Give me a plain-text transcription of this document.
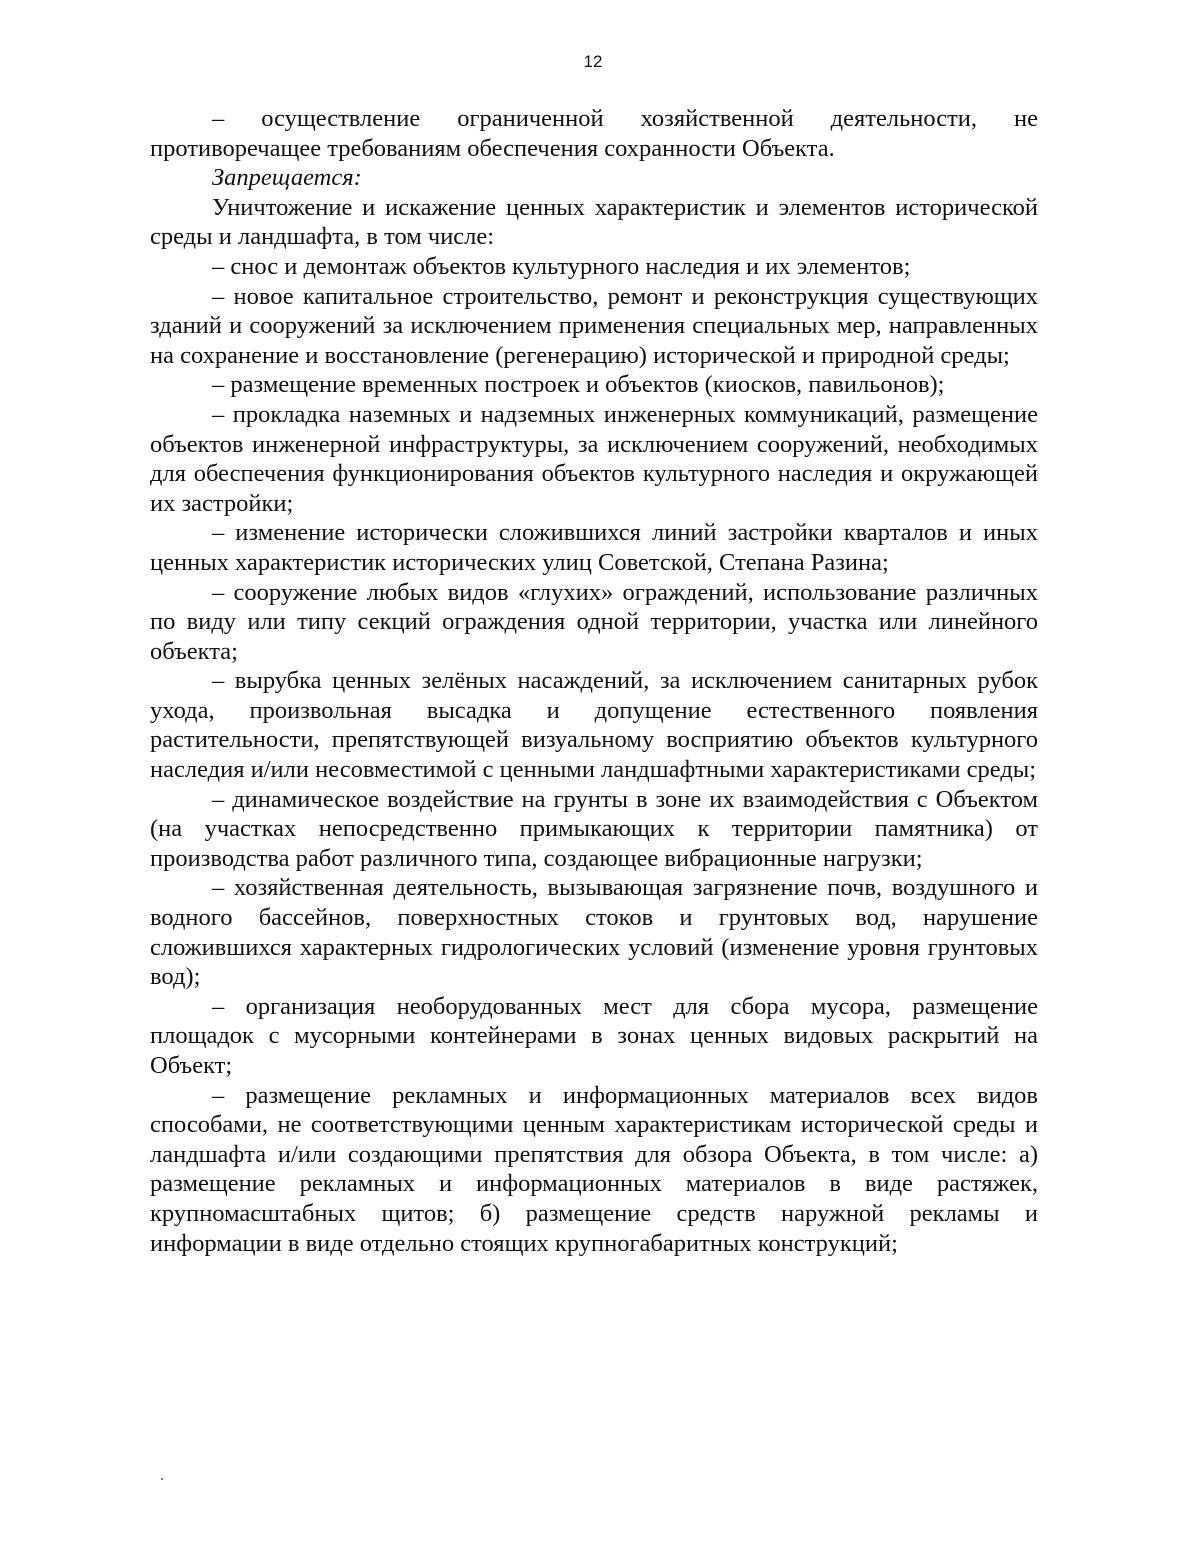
12

– осуществление ограниченной хозяйственной деятельности, не противоречащее требованиям обеспечения сохранности Объекта.

Запрещается:

Уничтожение и искажение ценных характеристик и элементов исторической среды и ландшафта, в том числе:

– снос и демонтаж объектов культурного наследия и их элементов;

– новое капитальное строительство, ремонт и реконструкция существующих зданий и сооружений за исключением применения специальных мер, направленных на сохранение и восстановление (регенерацию) исторической и природной среды;

– размещение временных построек и объектов (киосков, павильонов);

– прокладка наземных и надземных инженерных коммуникаций, размещение объектов инженерной инфраструктуры, за исключением сооружений, необходимых для обеспечения функционирования объектов культурного наследия и окружающей их застройки;

– изменение исторически сложившихся линий застройки кварталов и иных ценных характеристик исторических улиц Советской, Степана Разина;

– сооружение любых видов «глухих» ограждений, использование различных по виду или типу секций ограждения одной территории, участка или линейного объекта;

– вырубка ценных зелёных насаждений, за исключением санитарных рубок ухода, произвольная высадка и допущение естественного появления растительности, препятствующей визуальному восприятию объектов культурного наследия и/или несовместимой с ценными ландшафтными характеристиками среды;

– динамическое воздействие на грунты в зоне их взаимодействия с Объектом (на участках непосредственно примыкающих к территории памятника) от производства работ различного типа, создающее вибрационные нагрузки;

– хозяйственная деятельность, вызывающая загрязнение почв, воздушного и водного бассейнов, поверхностных стоков и грунтовых вод, нарушение сложившихся характерных гидрологических условий (изменение уровня грунтовых вод);

– организация необорудованных мест для сбора мусора, размещение площадок с мусорными контейнерами в зонах ценных видовых раскрытий на Объект;

– размещение рекламных и информационных материалов всех видов способами, не соответствующими ценным характеристикам исторической среды и ландшафта и/или создающими препятствия для обзора Объекта, в том числе: а) размещение рекламных и информационных материалов в виде растяжек, крупномасштабных щитов; б) размещение средств наружной рекламы и информации в виде отдельно стоящих крупногабаритных конструкций;
